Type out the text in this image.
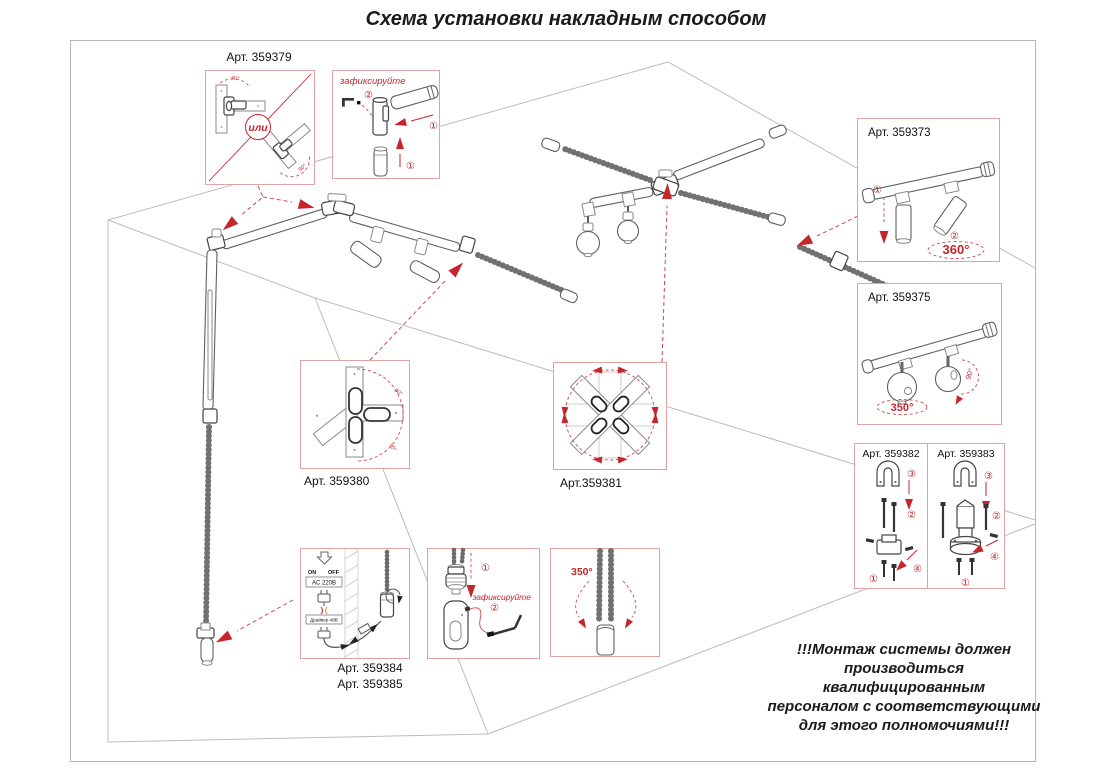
Схема установки накладным способом
Арт. 359379
90°
90°
или
зафиксируйте
②
①
①
Арт. 359373
①
②
360°
Арт. 359375
350°
90°
Арт. 359382
③
②
④
①
Арт. 359383
③
②
④
①
90°
90°
Арт. 359380	Арт.359381
ON OFF
AC 220В
Драйвер 48В
Арт. 359384
Арт. 359385
①
зафиксируйте
②
350°
!!!Монтаж системы должен
производиться квалифицированным
персоналом с соответствующими
для этого полномочиями!!!
